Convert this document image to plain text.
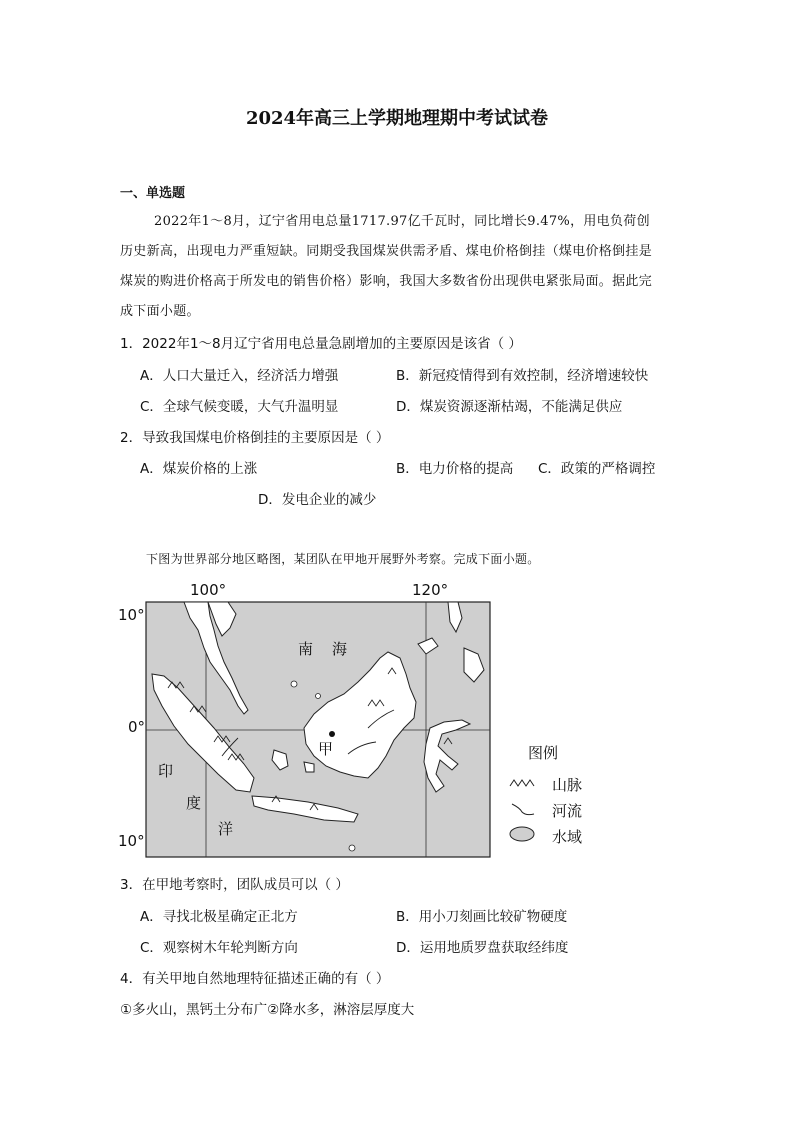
2024年高三上学期地理期中考试试卷
一、单选题
2022年1～8月，辽宁省用电总量1717.97亿千瓦时，同比增长9.47%，用电负荷创
历史新高，出现电力严重短缺。同期受我国煤炭供需矛盾、煤电价格倒挂（煤电价格倒挂是
煤炭的购进价格高于所发电的销售价格）影响，我国大多数省份出现供电紧张局面。据此完
成下面小题。
1．2022年1～8月辽宁省用电总量急剧增加的主要原因是该省（ ）
A．人口大量迁入，经济活力增强	B．新冠疫情得到有效控制，经济增速较快
C．全球气候变暖，大气升温明显	D．煤炭资源逐渐枯竭，不能满足供应
2．导致我国煤电价格倒挂的主要原因是（ ）
A．煤炭价格的上涨	B．电力价格的提高 C．政策的严格调控
D．发电企业的减少
下图为世界部分地区略图，某团队在甲地开展野外考察。完成下面小题。
100°	120°
10°
0°
10°
南 海
印
度
洋
甲	图例
山脉
河流
水域
3．在甲地考察时，团队成员可以（ ）
A．寻找北极星确定正北方	B．用小刀刻画比较矿物硬度
C．观察树木年轮判断方向	D．运用地质罗盘获取经纬度
4．有关甲地自然地理特征描述正确的有（ ）
①多火山，黑钙土分布广②降水多，淋溶层厚度大
